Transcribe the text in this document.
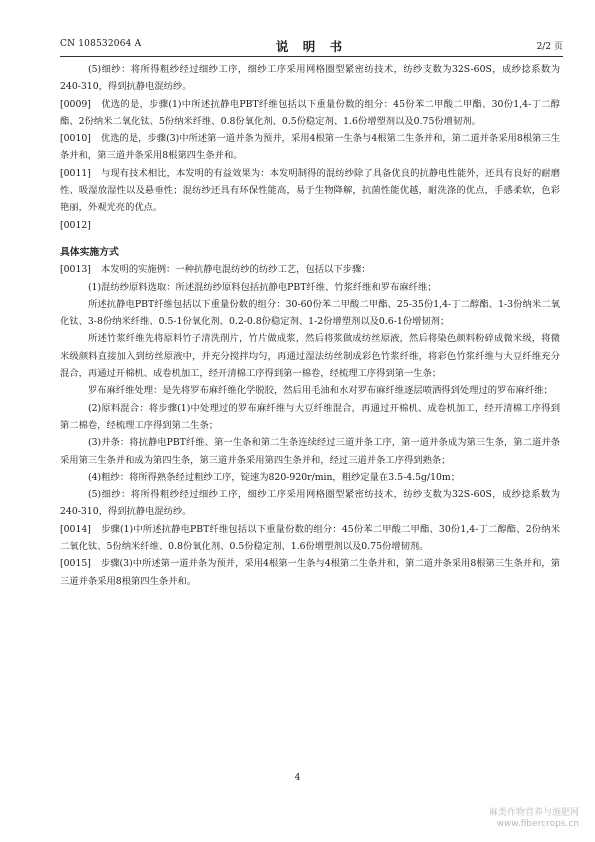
CN 108532064 A	说 明 书	2/2 页

(5)细纱：将所得粗纱经过细纱工序，细纱工序采用网格圈型紧密纺技术，纺纱支数为32S-60S，成纱捻系数为240-310，得到抗静电混纺纱。

[0009] 优选的是，步骤(1)中所述抗静电PBT纤维包括以下重量份数的组分：45份苯二甲酸二甲酯、30份1,4-丁二醇酯、2份纳米二氧化钛、5份纳米纤维、0.8份氧化剂、0.5份稳定剂、1.6份增塑剂以及0.75份增韧剂。

[0010] 优选的是，步骤(3)中所述第一道并条为预并，采用4根第一生条与4根第二生条并和，第二道并条采用8根第三生条并和，第三道并条采用8根第四生条并和。

[0011] 与现有技术相比，本发明的有益效果为：本发明制得的混纺纱除了具备优良的抗静电性能外，还具有良好的耐磨性、吸湿放湿性以及悬垂性；混纺纱还具有环保性能高，易于生物降解，抗菌性能优越，耐洗涤的优点，手感柔软，色彩艳丽，外观光亮的优点。

[0012]

具体实施方式

[0013] 本发明的实施例：一种抗静电混纺纱的纺纱工艺，包括以下步骤：

(1)混纺纱原料选取：所述混纺纱原料包括抗静电PBT纤维、竹浆纤维和罗布麻纤维；

所述抗静电PBT纤维包括以下重量份数的组分：30-60份苯二甲酸二甲酯、25-35份1,4-丁二醇酯、1-3份纳米二氧化钛、3-8份纳米纤维、0.5-1份氧化剂、0.2-0.8份稳定剂、1-2份增塑剂以及0.6-1份增韧剂；

所述竹浆纤维先将原料竹子清洗削片，竹片做成浆，然后将浆做成纺丝原液，然后将染色颜料粉碎成微米级，将微米级颜料直接加入到纺丝原液中，并充分搅拌均匀，再通过湿法纺丝制成彩色竹浆纤维，将彩色竹浆纤维与大豆纤维充分混合，再通过开棉机、成卷机加工，经开清棉工序得到第一棉卷，经梳理工序得到第一生条；

罗布麻纤维处理：是先将罗布麻纤维化学脱胶，然后用毛油和水对罗布麻纤维逐层喷洒得到处理过的罗布麻纤维；

(2)原料混合：将步骤(1)中处理过的罗布麻纤维与大豆纤维混合，再通过开棉机、成卷机加工，经开清棉工序得到第二棉卷，经梳理工序得到第二生条；

(3)并条：将抗静电PBT纤维、第一生条和第二生条连续经过三道并条工序，第一道并条成为第三生条，第二道并条采用第三生条并和成为第四生条，第三道并条采用第四生条并和，经过三道并条工序得到熟条；

(4)粗纱：将所得熟条经过粗纱工序，锭速为820-920r/min，粗纱定量在3.5-4.5g/10m；

(5)细纱：将所得粗纱经过细纱工序，细纱工序采用网格圈型紧密纺技术，纺纱支数为32S-60S，成纱捻系数为240-310，得到抗静电混纺纱。

[0014] 步骤(1)中所述抗静电PBT纤维包括以下重量份数的组分：45份苯二甲酸二甲酯、30份1,4-丁二醇酯、2份纳米二氧化钛、5份纳米纤维、0.8份氧化剂、0.5份稳定剂、1.6份增塑剂以及0.75份增韧剂。

[0015] 步骤(3)中所述第一道并条为预并，采用4根第一生条与4根第二生条并和，第二道并条采用8根第三生条并和，第三道并条采用8根第四生条并和。

4
麻类作物营养与施肥网
www.fibercrops.cn
